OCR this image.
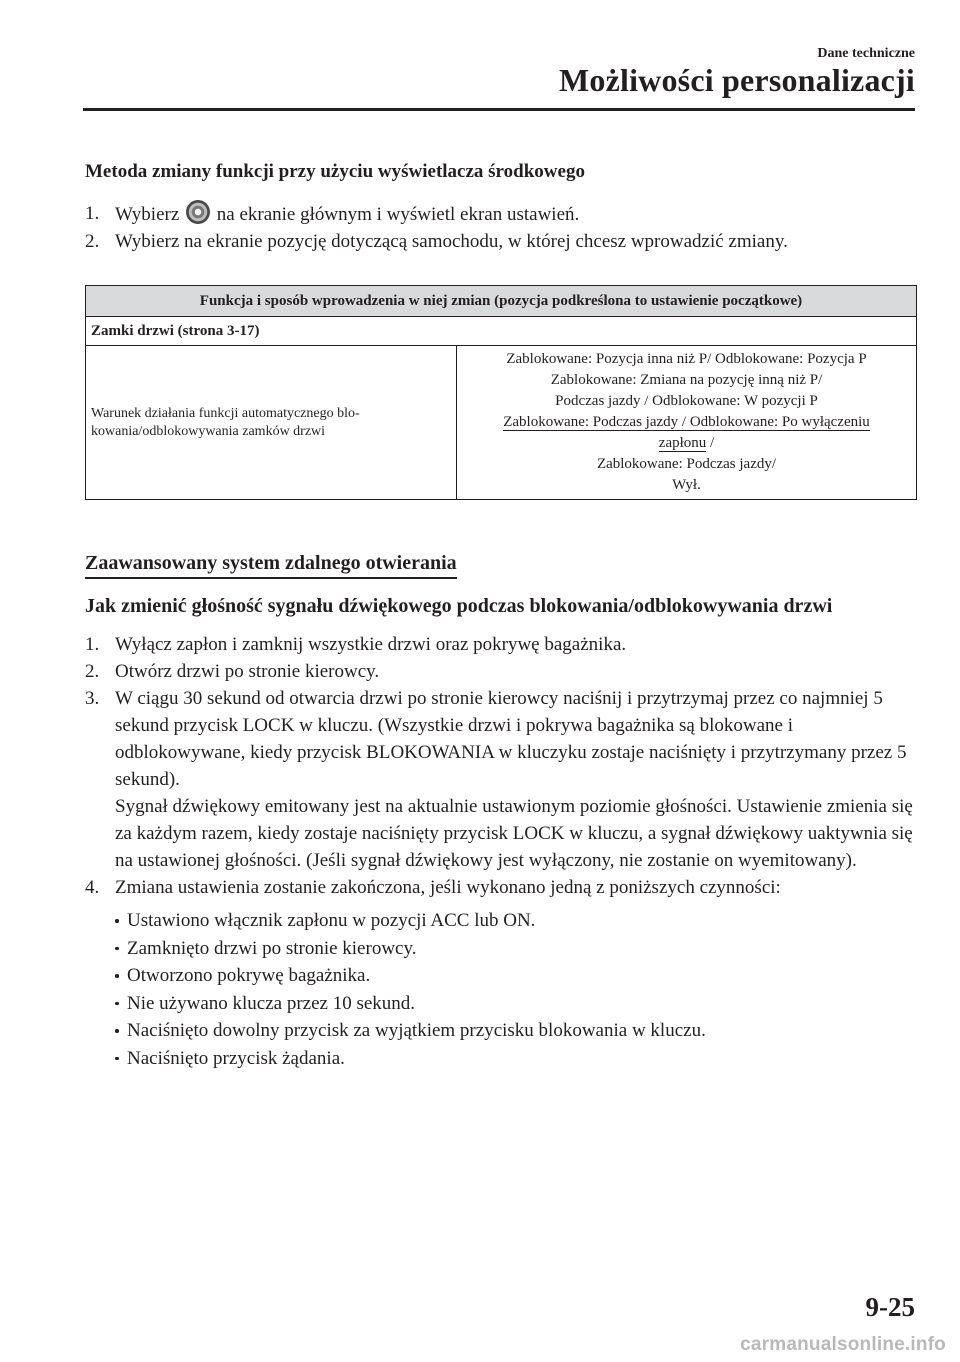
Dane techniczne
Możliwości personalizacji
Metoda zmiany funkcji przy użyciu wyświetlacza środkowego
1. Wybierz na ekranie głównym i wyświetl ekran ustawień.
2. Wybierz na ekranie pozycję dotyczącą samochodu, w której chcesz wprowadzić zmiany.
Funkcja i sposób wprowadzenia w niej zmian (pozycja podkreślona to ustawienie początkowe)
Zamki drzwi (strona 3-17)
Warunek działania funkcji automatycznego blo-
kowania/odblokowywania zamków drzwi	Zablokowane: Pozycja inna niż P/ Odblokowane: Pozycja P
Zablokowane: Zmiana na pozycję inną niż P/
Podczas jazdy / Odblokowane: W pozycji P
Zablokowane: Podczas jazdy / Odblokowane: Po wyłączeniu
zapłonu /
Zablokowane: Podczas jazdy/
Wył.
Zaawansowany system zdalnego otwierania
Jak zmienić głośność sygnału dźwiękowego podczas blokowania/odblokowywania drzwi
1. Wyłącz zapłon i zamknij wszystkie drzwi oraz pokrywę bagażnika.
2. Otwórz drzwi po stronie kierowcy.
3. W ciągu 30 sekund od otwarcia drzwi po stronie kierowcy naciśnij i przytrzymaj przez co najmniej 5 sekund przycisk LOCK w kluczu. (Wszystkie drzwi i pokrywa bagażnika są blokowane i odblokowywane, kiedy przycisk BLOKOWANIA w kluczyku zostaje naciśnięty i przytrzymany przez 5 sekund).
Sygnał dźwiękowy emitowany jest na aktualnie ustawionym poziomie głośności. Ustawienie zmienia się za każdym razem, kiedy zostaje naciśnięty przycisk LOCK w kluczu, a sygnał dźwiękowy uaktywnia się na ustawionej głośności. (Jeśli sygnał dźwiękowy jest wyłączony, nie zostanie on wyemitowany).
4. Zmiana ustawienia zostanie zakończona, jeśli wykonano jedną z poniższych czynności:
Ustawiono włącznik zapłonu w pozycji ACC lub ON.
Zamknięto drzwi po stronie kierowcy.
Otworzono pokrywę bagażnika.
Nie używano klucza przez 10 sekund.
Naciśnięto dowolny przycisk za wyjątkiem przycisku blokowania w kluczu.
Naciśnięto przycisk żądania.
9-25
carmanualsonline.info
